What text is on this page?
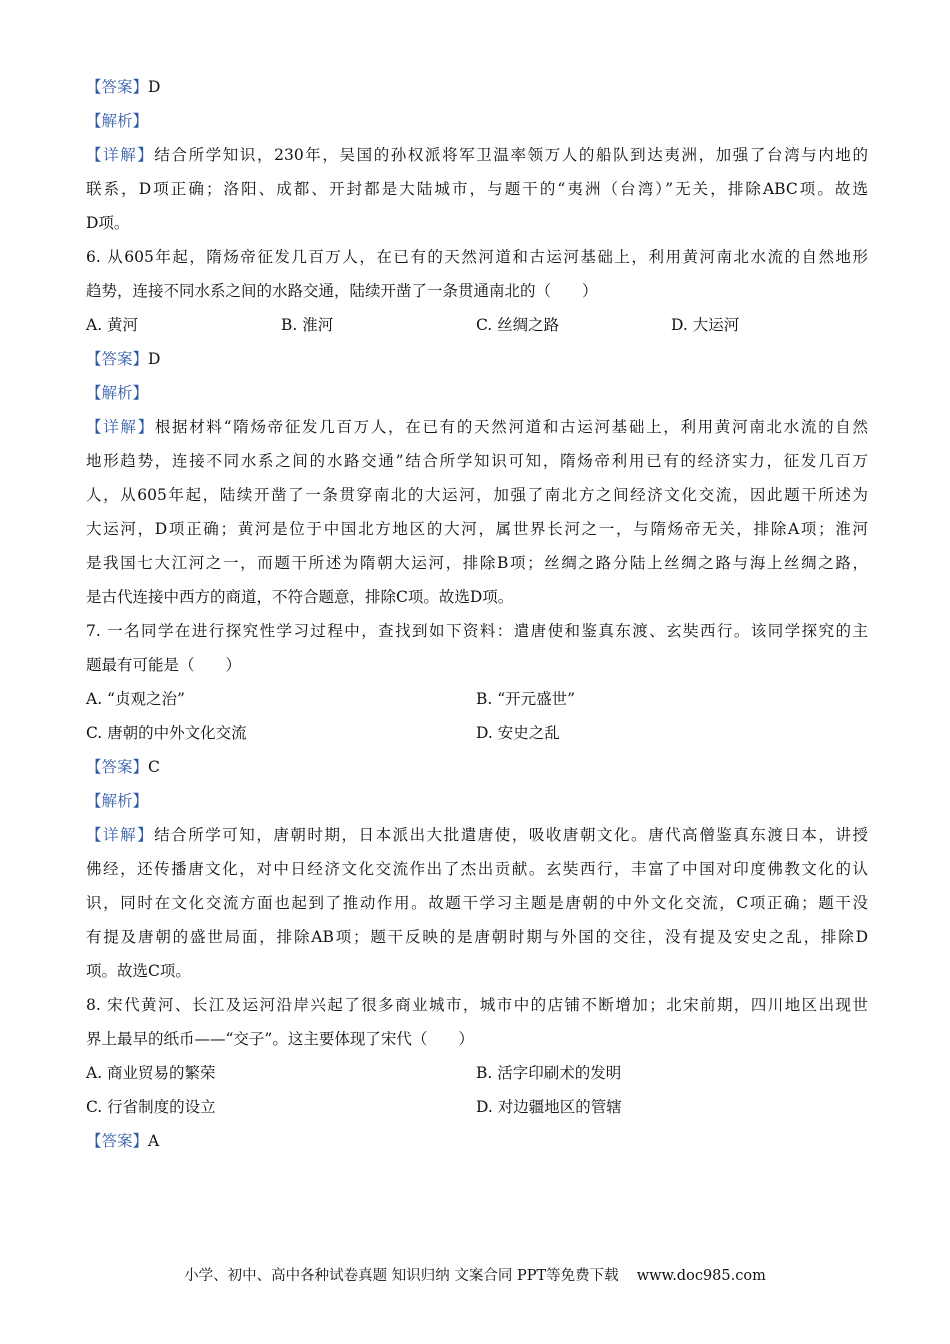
【答案】D
【解析】
【详解】结合所学知识，230年，吴国的孙权派将军卫温率领万人的船队到达夷洲，加强了台湾与内地的
联系，D项正确；洛阳、成都、开封都是大陆城市，与题干的“夷洲（台湾）”无关，排除ABC项。故选
D项。
6. 从605年起，隋炀帝征发几百万人，在已有的天然河道和古运河基础上，利用黄河南北水流的自然地形
趋势，连接不同水系之间的水路交通，陆续开凿了一条贯通南北的（　　）
A. 黄河	B. 淮河	C. 丝绸之路	D. 大运河
【答案】D
【解析】
【详解】根据材料“隋炀帝征发几百万人，在已有的天然河道和古运河基础上，利用黄河南北水流的自然
地形趋势，连接不同水系之间的水路交通”结合所学知识可知，隋炀帝利用已有的经济实力，征发几百万
人，从605年起，陆续开凿了一条贯穿南北的大运河，加强了南北方之间经济文化交流，因此题干所述为
大运河，D项正确；黄河是位于中国北方地区的大河，属世界长河之一，与隋炀帝无关，排除A项；淮河
是我国七大江河之一，而题干所述为隋朝大运河，排除B项；丝绸之路分陆上丝绸之路与海上丝绸之路，
是古代连接中西方的商道，不符合题意，排除C项。故选D项。
7. 一名同学在进行探究性学习过程中，查找到如下资料：遣唐使和鉴真东渡、玄奘西行。该同学探究的主
题最有可能是（　　）
A. “贞观之治”	B. “开元盛世”
C. 唐朝的中外文化交流	D. 安史之乱
【答案】C
【解析】
【详解】结合所学可知，唐朝时期，日本派出大批遣唐使，吸收唐朝文化。唐代高僧鉴真东渡日本，讲授
佛经，还传播唐文化，对中日经济文化交流作出了杰出贡献。玄奘西行，丰富了中国对印度佛教文化的认
识，同时在文化交流方面也起到了推动作用。故题干学习主题是唐朝的中外文化交流，C项正确；题干没
有提及唐朝的盛世局面，排除AB项；题干反映的是唐朝时期与外国的交往，没有提及安史之乱，排除D
项。故选C项。
8. 宋代黄河、长江及运河沿岸兴起了很多商业城市，城市中的店铺不断增加；北宋前期，四川地区出现世
界上最早的纸币——“交子”。这主要体现了宋代（　　）
A. 商业贸易的繁荣	B. 活字印刷术的发明
C. 行省制度的设立	D. 对边疆地区的管辖
【答案】A
小学、初中、高中各种试卷真题 知识归纳 文案合同 PPT等免费下载 www.doc985.com
